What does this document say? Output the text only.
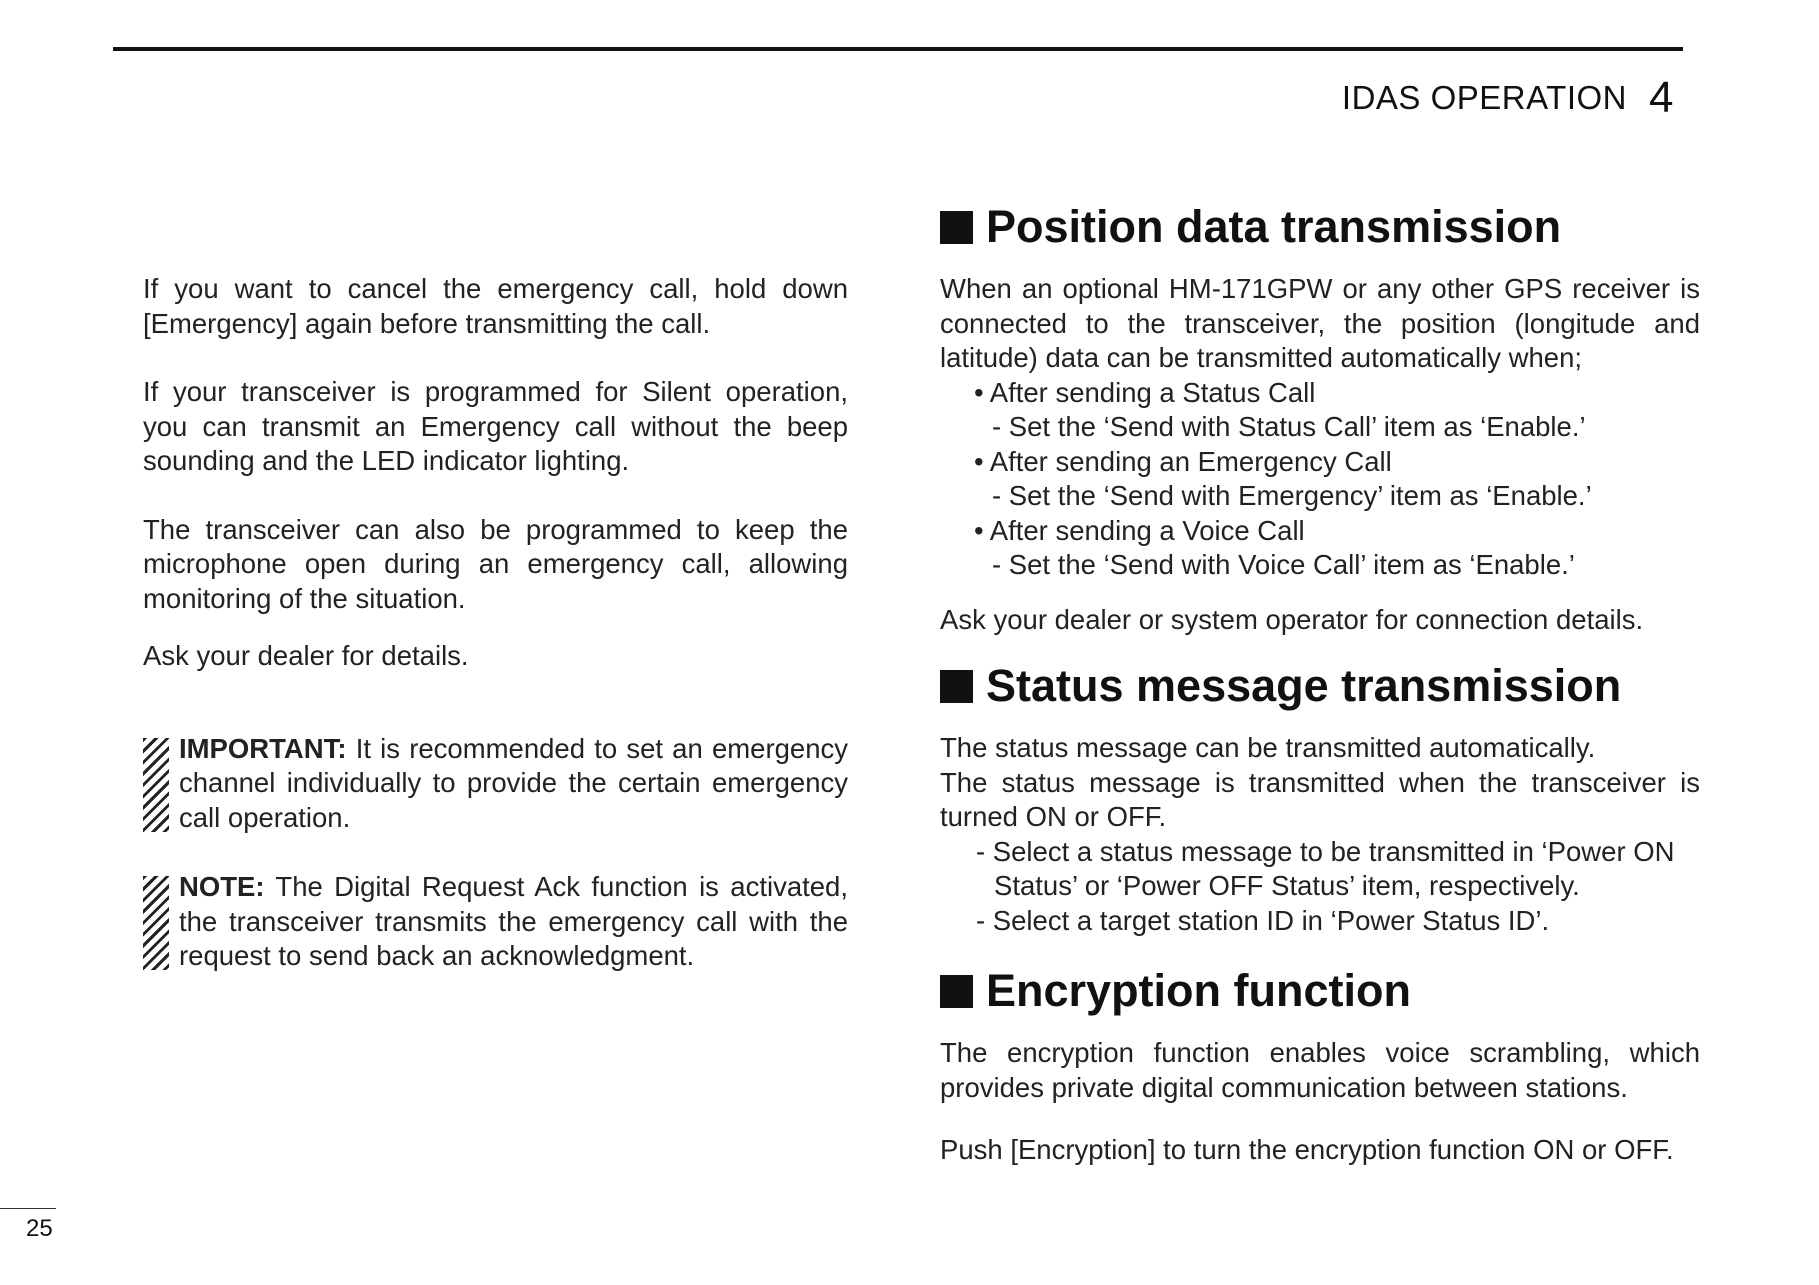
IDAS OPERATION 4

If you want to cancel the emergency call, hold down [Emergency] again before transmitting the call.

If your transceiver is programmed for Silent operation, you can transmit an Emergency call without the beep sounding and the LED indicator lighting.

The transceiver can also be programmed to keep the microphone open during an emergency call, allowing monitoring of the situation.

Ask your dealer for details.

IMPORTANT: It is recommended to set an emergency channel individually to provide the certain emergency call operation.

NOTE: The Digital Request Ack function is activated, the transceiver transmits the emergency call with the request to send back an acknowledgment.

Position data transmission

When an optional HM-171GPW or any other GPS receiver is connected to the transceiver, the position (longitude and latitude) data can be transmitted automatically when;

• After sending a Status Call
- Set the ‘Send with Status Call’ item as ‘Enable.’
• After sending an Emergency Call
- Set the ‘Send with Emergency’ item as ‘Enable.’
• After sending a Voice Call
- Set the ‘Send with Voice Call’ item as ‘Enable.’

Ask your dealer or system operator for connection details.

Status message transmission

The status message can be transmitted automatically.

The status message is transmitted when the transceiver is turned ON or OFF.

- Select a status message to be transmitted in ‘Power ON
Status’ or ‘Power OFF Status’ item, respectively.
- Select a target station ID in ‘Power Status ID’.
Encryption function

The encryption function enables voice scrambling, which provides private digital communication between stations.

Push [Encryption] to turn the encryption function ON or OFF.

25
